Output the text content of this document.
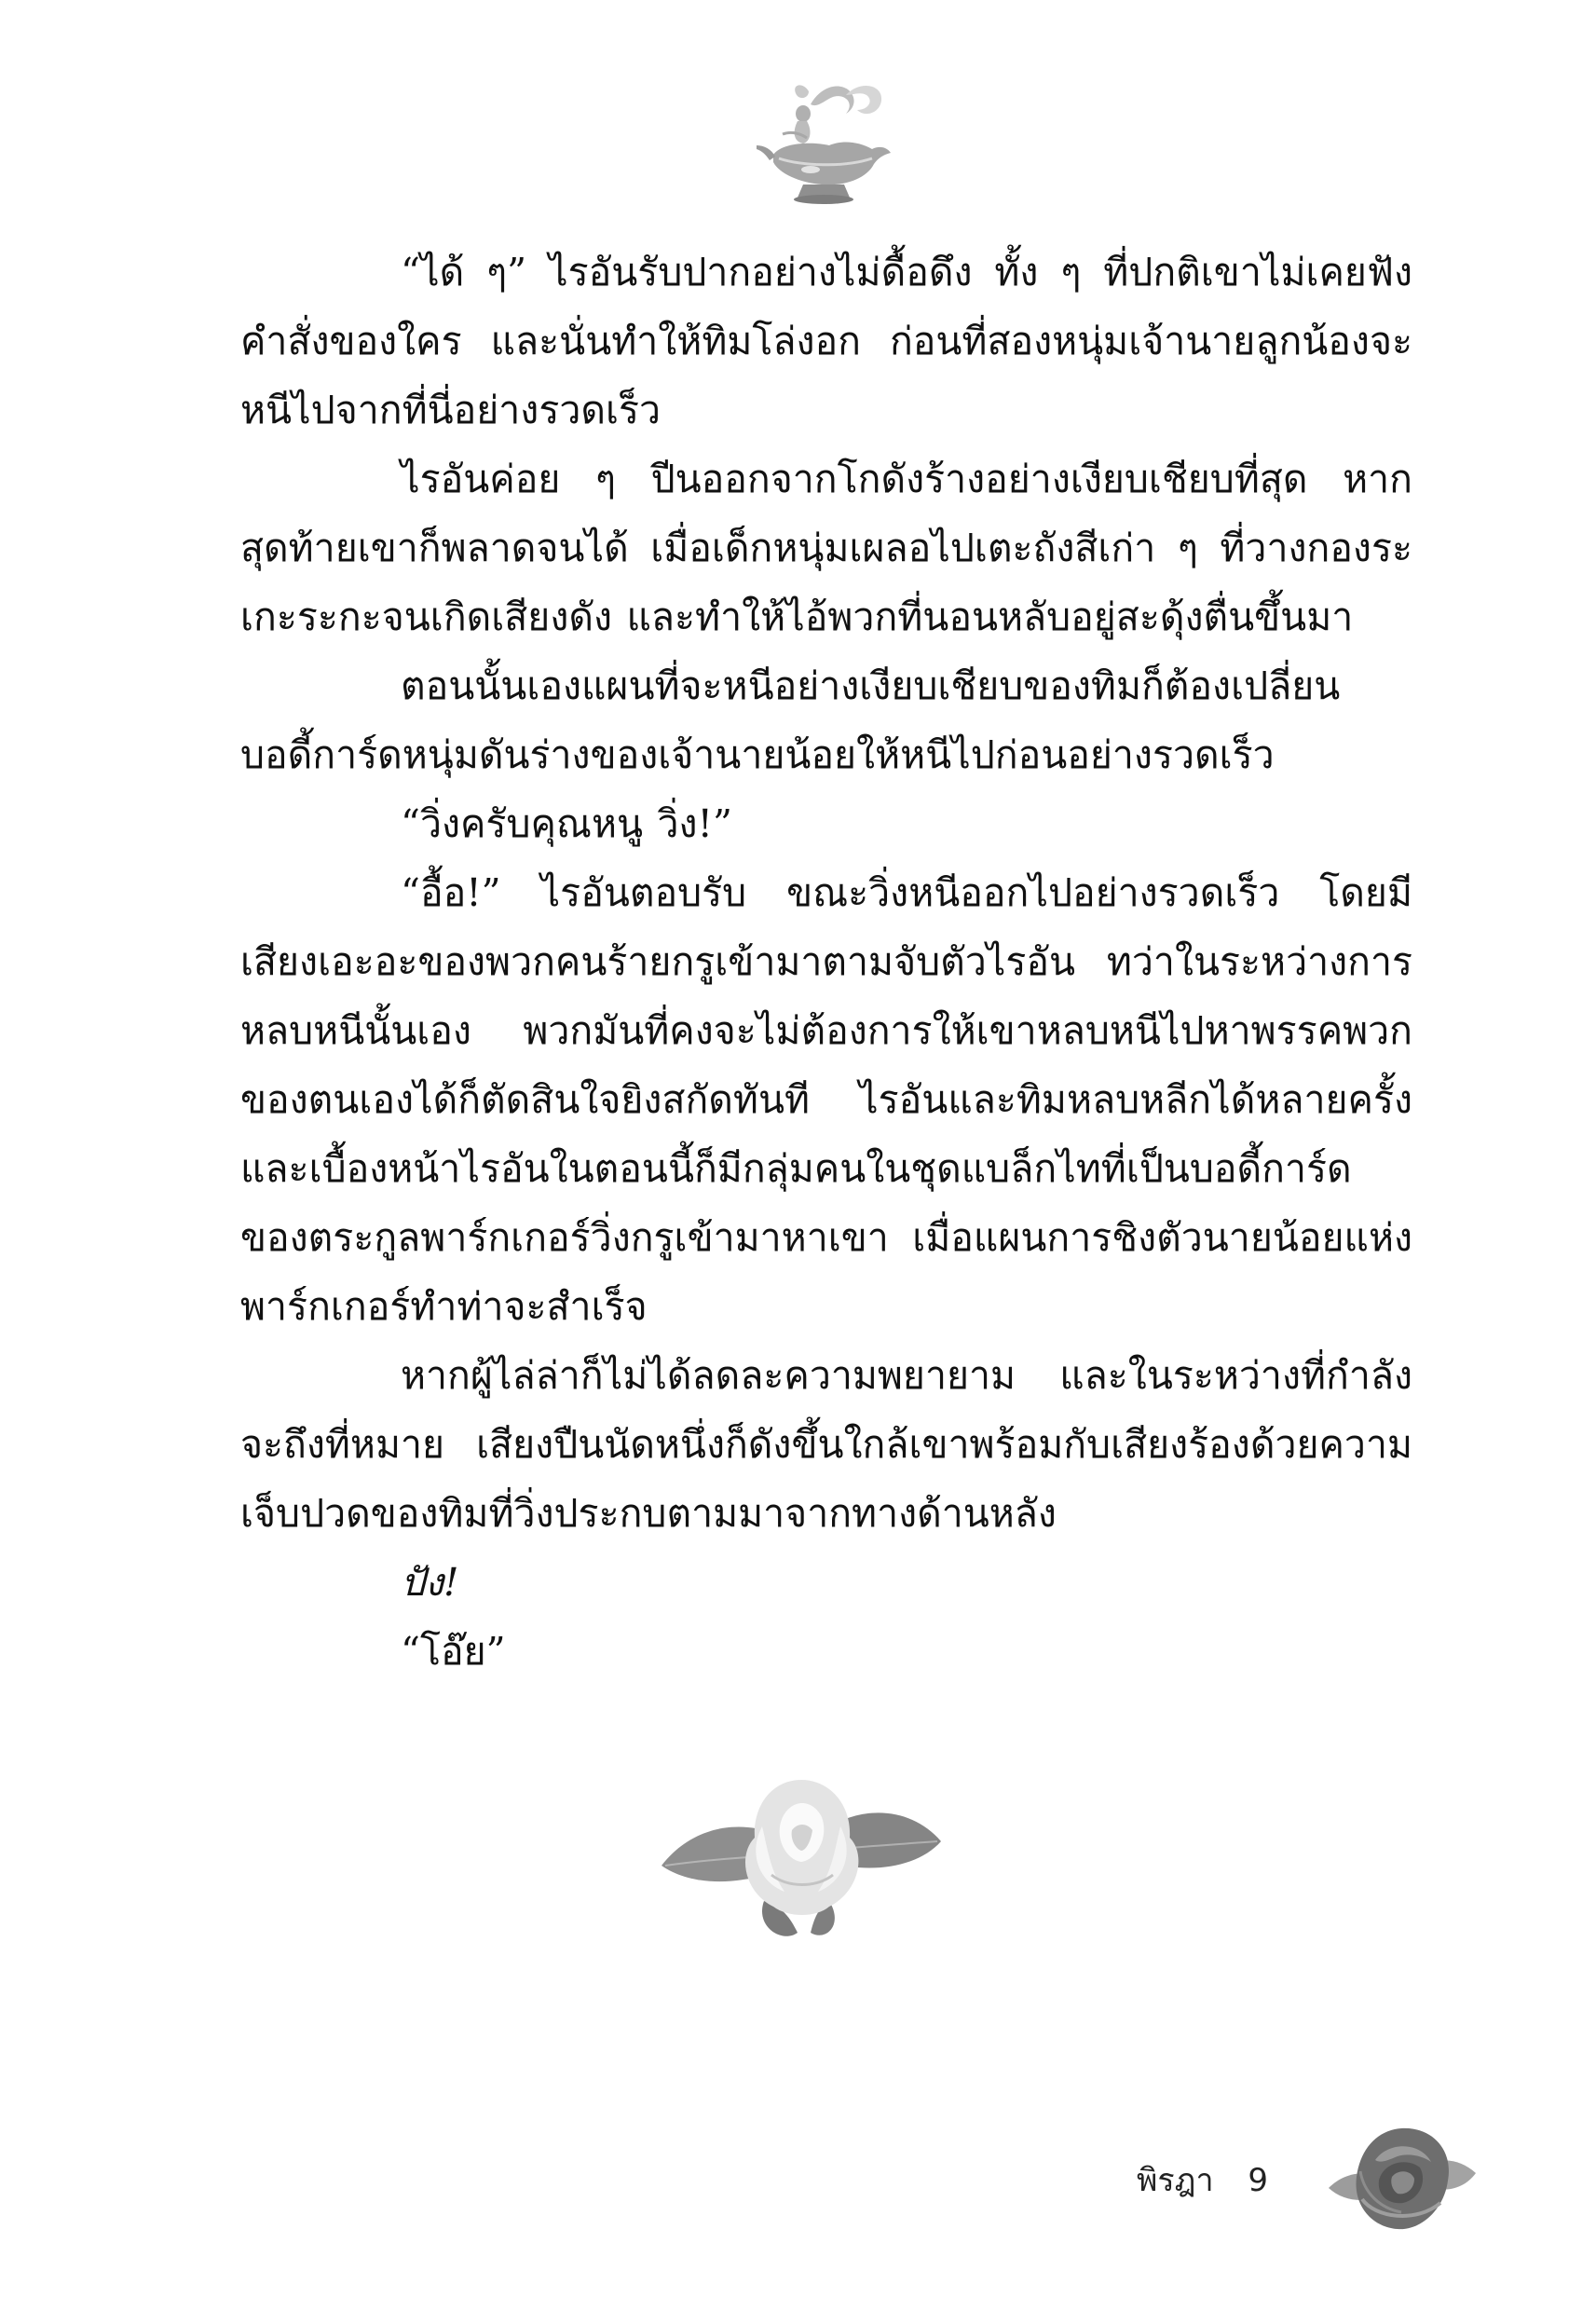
“ได้ ๆ” ไรอันรับปากอย่างไม่ดื้อดึง ทั้ง ๆ ที่ปกติเขาไม่เคยฟังคำสั่งของใคร และนั่นทำให้ทิมโล่งอก ก่อนที่สองหนุ่มเจ้านายลูกน้องจะหนีไปจากที่นี่อย่างรวดเร็ว

ไรอันค่อย ๆ ปีนออกจากโกดังร้างอย่างเงียบเชียบที่สุด หากสุดท้ายเขาก็พลาดจนได้ เมื่อเด็กหนุ่มเผลอไปเตะถังสีเก่า ๆ ที่วางกองระเกะระกะจนเกิดเสียงดัง และทำให้ไอ้พวกที่นอนหลับอยู่สะดุ้งตื่นขึ้นมา

ตอนนั้นเองแผนที่จะหนีอย่างเงียบเชียบของทิมก็ต้องเปลี่ยน บอดี้การ์ดหนุ่มดันร่างของเจ้านายน้อยให้หนีไปก่อนอย่างรวดเร็ว

“วิ่งครับคุณหนู วิ่ง!”

“อื้อ!” ไรอันตอบรับ ขณะวิ่งหนีออกไปอย่างรวดเร็ว โดยมีเสียงเอะอะของพวกคนร้ายกรูเข้ามาตามจับตัวไรอัน ทว่าในระหว่างการหลบหนีนั้นเอง พวกมันที่คงจะไม่ต้องการให้เขาหลบหนีไปหาพรรคพวกของตนเองได้ก็ตัดสินใจยิงสกัดทันที ไรอันและทิมหลบหลีกได้หลายครั้ง และเบื้องหน้าไรอันในตอนนี้ก็มีกลุ่มคนในชุดแบล็กไทที่เป็นบอดี้การ์ดของตระกูลพาร์กเกอร์วิ่งกรูเข้ามาหาเขา เมื่อแผนการชิงตัวนายน้อยแห่งพาร์กเกอร์ทำท่าจะสำเร็จ

หากผู้ไล่ล่าก็ไม่ได้ลดละความพยายาม และในระหว่างที่กำลังจะถึงที่หมาย เสียงปืนนัดหนึ่งก็ดังขึ้นใกล้เขาพร้อมกับเสียงร้องด้วยความเจ็บปวดของทิมที่วิ่งประกบตามมาจากทางด้านหลัง

ปัง!

“โอ๊ย”

พิรฎา 9
